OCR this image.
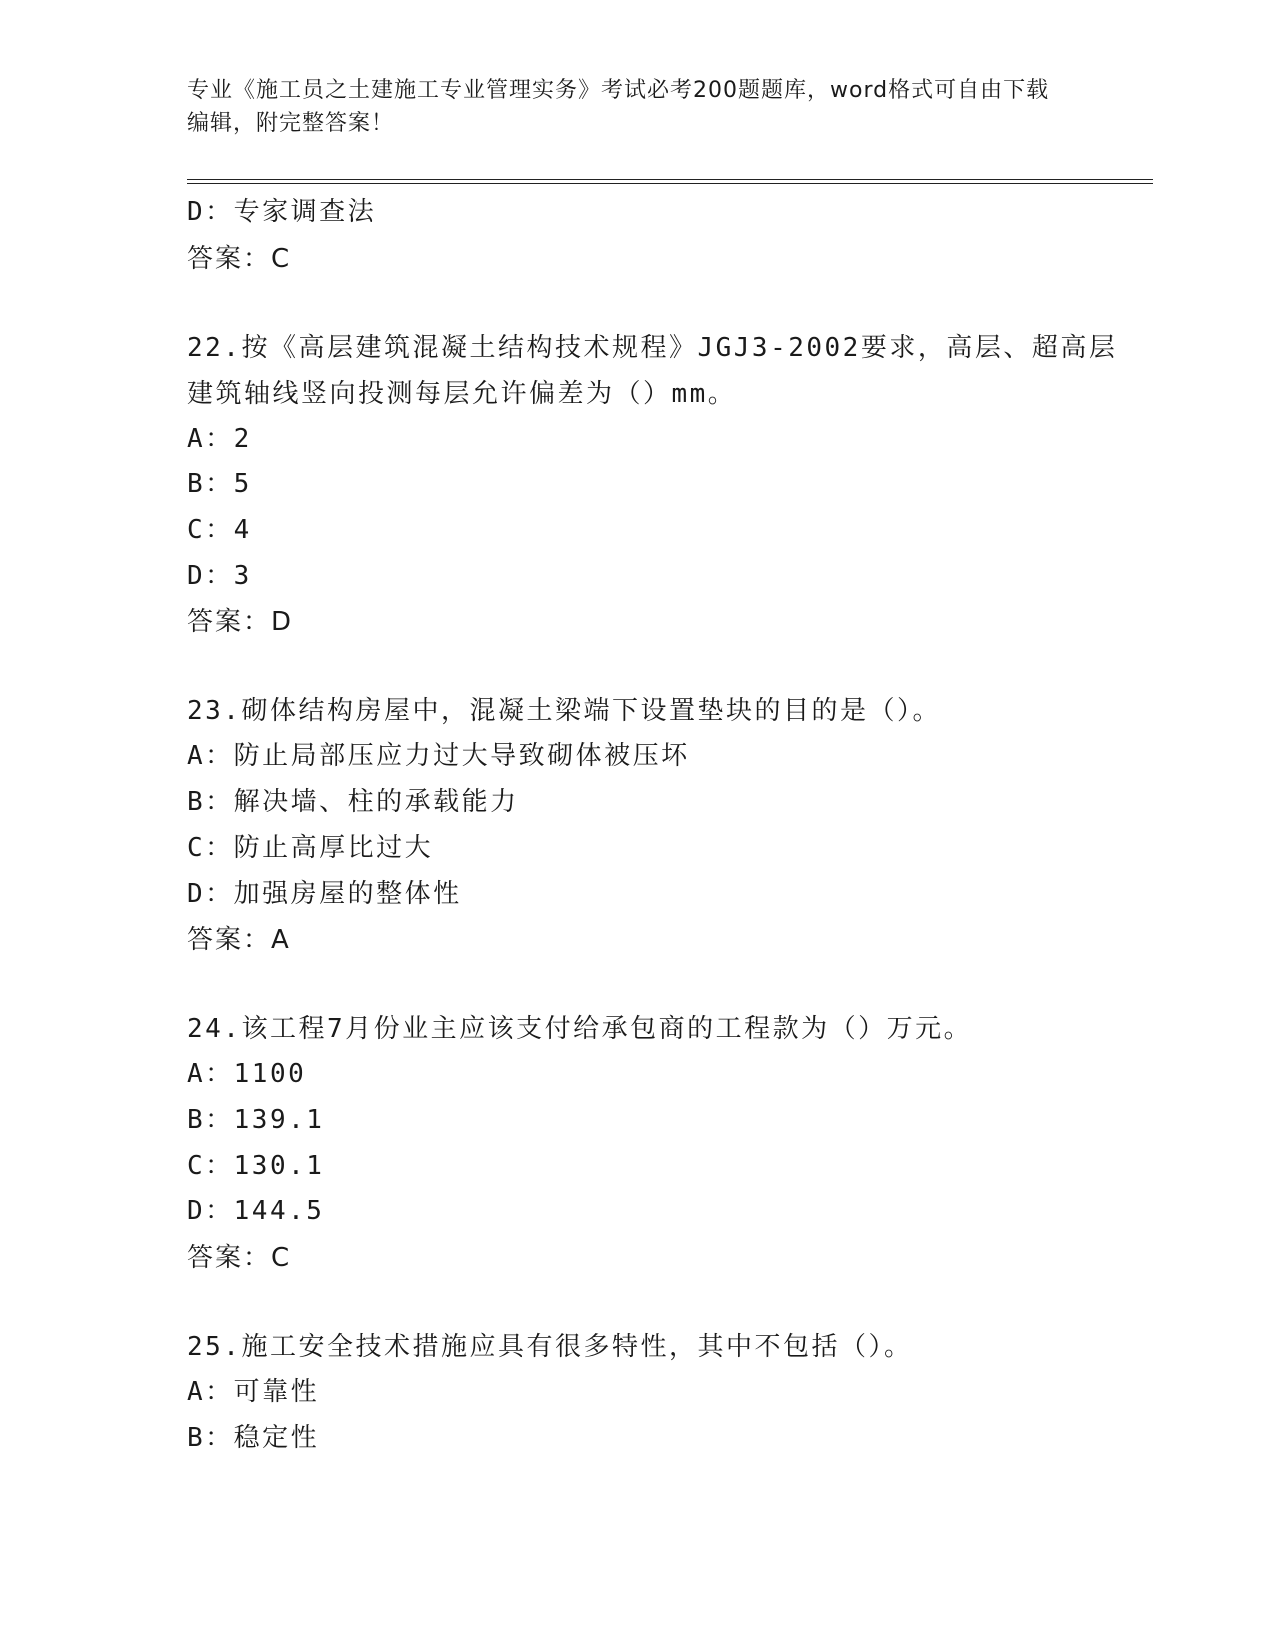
专业《施工员之土建施工专业管理实务》考试必考200题题库，word格式可自由下载编辑，附完整答案！
D：专家调查法
答案：C
22.按《高层建筑混凝土结构技术规程》JGJ3-2002要求，高层、超高层建筑轴线竖向投测每层允许偏差为（）mm。
A：2
B：5
C：4
D：3
答案：D
23.砌体结构房屋中，混凝土梁端下设置垫块的目的是（）。
A：防止局部压应力过大导致砌体被压坏
B：解决墙、柱的承载能力
C：防止高厚比过大
D：加强房屋的整体性
答案：A
24.该工程7月份业主应该支付给承包商的工程款为（）万元。
A：1100
B：139.1
C：130.1
D：144.5
答案：C
25.施工安全技术措施应具有很多特性，其中不包括（）。
A：可靠性
B：稳定性
